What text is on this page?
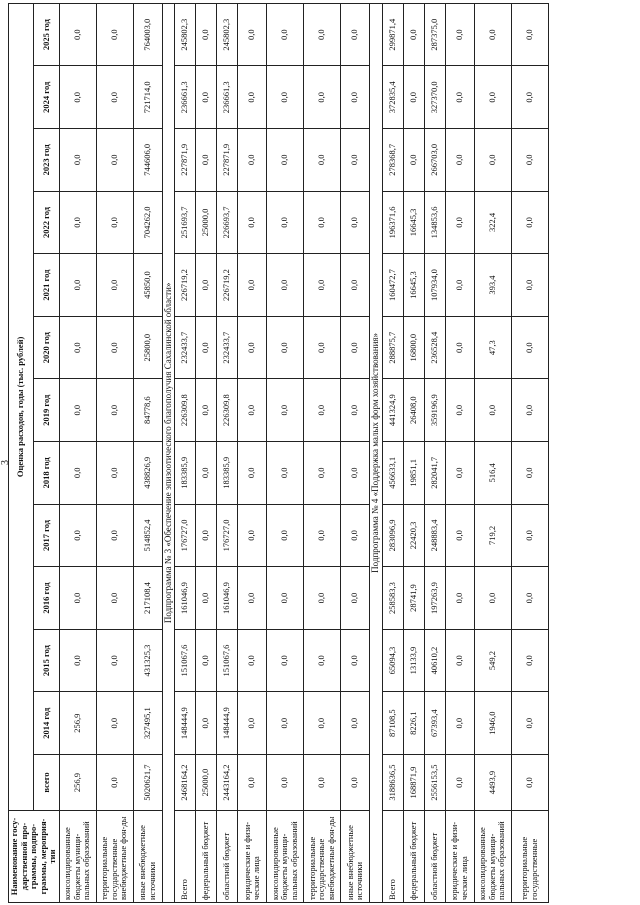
3
Наименование госу-дарственной про-граммы, подпро-граммы, мероприя-тии	Оценка расходов, годы (тыс. рублей)												
	всего	2014 год	2015 год	2016 год	2017 год	2018 год	2019 год	2020 год	2021 год	2022 год	2023 год	2024 год	2025 год
консолидированные бюджеты муници-пальных образований	256,9	256,9	0,0	0,0	0,0	0,0	0,0	0,0	0,0	0,0	0,0	0,0	0,0
территориальные государственные внебюджетные фон-ды	0,0	0,0	0,0	0,0	0,0	0,0	0,0	0,0	0,0	0,0	0,0	0,0	0,0
иные внебюджетные источники	5020621,7	327495,1	431325,3	217108,4	514852,4	438826,9	84778,6	25800,0	45850,0	704262,0	744606,0	721714,0	764003,0
Подпрограмма № 3 «Обеспечение эпизоотического благополучия Сахалинской области»													
Всего	2468164,2	148444,9	151067,6	161046,9	176727,0	183385,9	226309,8	232433,7	226719,2	251693,7	227871,9	236661,3	245802,3
федеральный бюджет	25000,0	0,0	0,0	0,0	0,0	0,0	0,0	0,0	0,0	25000,0	0,0	0,0	0,0
областной бюджет	2443164,2	148444,9	151067,6	161046,9	176727,0	183385,9	226309,8	232433,7	226719,2	226693,7	227871,9	236661,3	245802,3
юридические и физи-ческие лица	0,0	0,0	0,0	0,0	0,0	0,0	0,0	0,0	0,0	0,0	0,0	0,0	0,0
консолидированные бюджеты муници-пальных образований	0,0	0,0	0,0	0,0	0,0	0,0	0,0	0,0	0,0	0,0	0,0	0,0	0,0
территориальные государственные внебюджетные фон-ды	0,0	0,0	0,0	0,0	0,0	0,0	0,0	0,0	0,0	0,0	0,0	0,0	0,0
иные внебюджетные источники	0,0	0,0	0,0	0,0	0,0	0,0	0,0	0,0	0,0	0,0	0,0	0,0	0,0
Подпрограмма № 4 «Поддержка малых форм хозяйствования»													
Всего	3188636,5	87108,5	65094,3	258583,3	283096,9	456633,1	441324,9	288875,7	160472,7	196371,6	278368,7	372835,4	299871,4
федеральный бюджет	168871,9	8226,1	13133,9	28741,9	22420,3	19851,1	26408,0	16800,0	16645,3	16645,3	0,0	0,0	0,0
областной бюджет	2556153,5	67393,4	40610,2	197263,9	248883,4	282041,7	359196,9	236528,4	107934,0	134853,6	266703,0	327370,0	287375,0
юридические и физи-ческие лица	0,0	0,0	0,0	0,0	0,0	0,0	0,0	0,0	0,0	0,0	0,0	0,0	0,0
консолидированные бюджеты муници-пальных образований	4493,9	1946,0	549,2	0,0	719,2	516,4	0,0	47,3	393,4	322,4	0,0	0,0	0,0
территориальные государственные	0,0	0,0	0,0	0,0	0,0	0,0	0,0	0,0	0,0	0,0	0,0	0,0	0,0
